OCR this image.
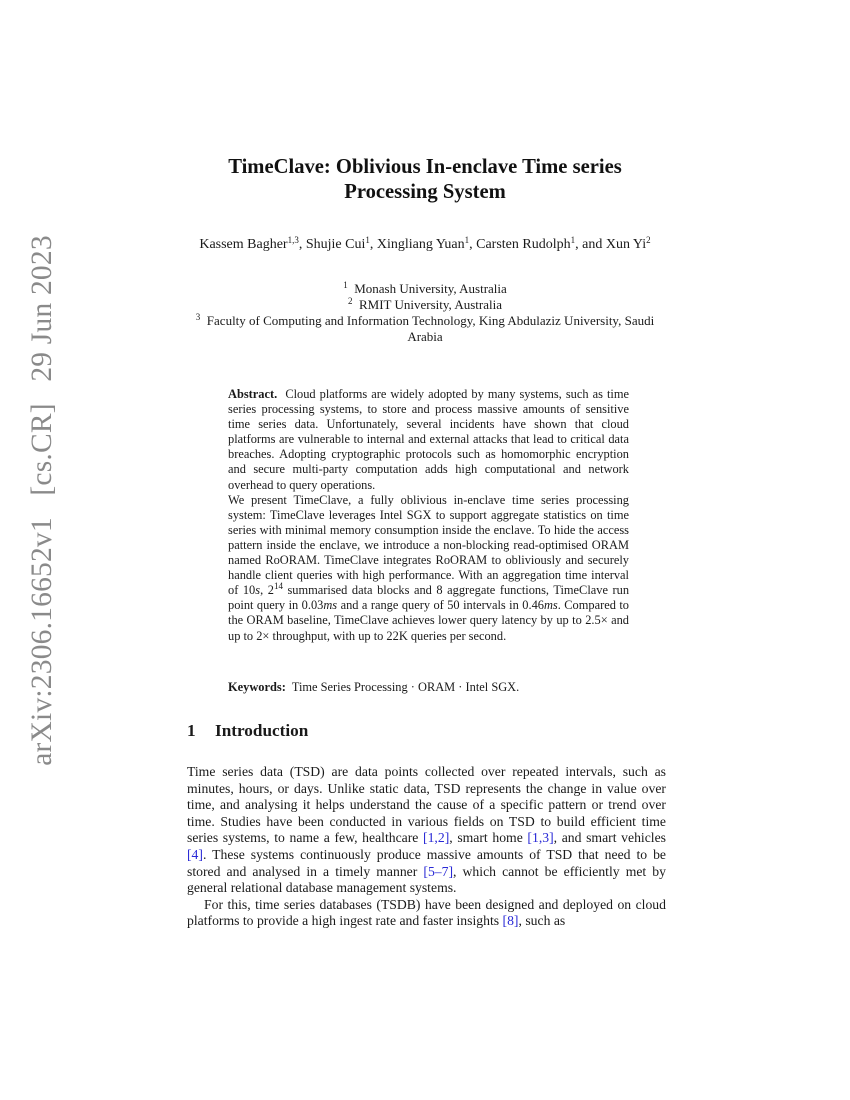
arXiv:2306.16652v1 [cs.CR] 29 Jun 2023
TimeClave: Oblivious In-enclave Time series
Processing System
Kassem Bagher$^{1,3}$, Shujie Cui$^1$, Xingliang Yuan$^1$, Carsten Rudolph$^1$, and Xun Yi$^2$
$^1$ Monash University, Australia
$^2$ RMIT University, Australia
$^3$ Faculty of Computing and Information Technology, King Abdulaziz University, Saudi Arabia

Abstract. Cloud platforms are widely adopted by many systems, such as time series processing systems, to store and process massive amounts of sensitive time series data. Unfortunately, several incidents have shown that cloud platforms are vulnerable to internal and external attacks that lead to critical data breaches. Adopting cryptographic protocols such as homomorphic encryption and secure multi-party computation adds high computational and network overhead to query operations.

We present TimeClave, a fully oblivious in-enclave time series processing system: TimeClave leverages Intel SGX to support aggregate statistics on time series with minimal memory consumption inside the enclave. To hide the access pattern inside the enclave, we introduce a non-blocking read-optimised ORAM named RoORAM. TimeClave integrates RoORAM to obliviously and securely handle client queries with high performance. With an aggregation time interval of 10s, $2^{14}$ summarised data blocks and 8 aggregate functions, TimeClave run point query in 0.03ms and a range query of 50 intervals in 0.46ms. Compared to the ORAM baseline, TimeClave achieves lower query latency by up to 2.5× and up to 2× throughput, with up to 22K queries per second.

Keywords: Time Series Processing · ORAM · Intel SGX.
1 Introduction

Time series data (TSD) are data points collected over repeated intervals, such as minutes, hours, or days. Unlike static data, TSD represents the change in value over time, and analysing it helps understand the cause of a specific pattern or trend over time. Studies have been conducted in various fields on TSD to build efficient time series systems, to name a few, healthcare [1,2], smart home [1,3], and smart vehicles [4]. These systems continuously produce massive amounts of TSD that need to be stored and analysed in a timely manner [5–7], which cannot be efficiently met by general relational database management systems.

For this, time series databases (TSDB) have been designed and deployed on cloud platforms to provide a high ingest rate and faster insights [8], such as
